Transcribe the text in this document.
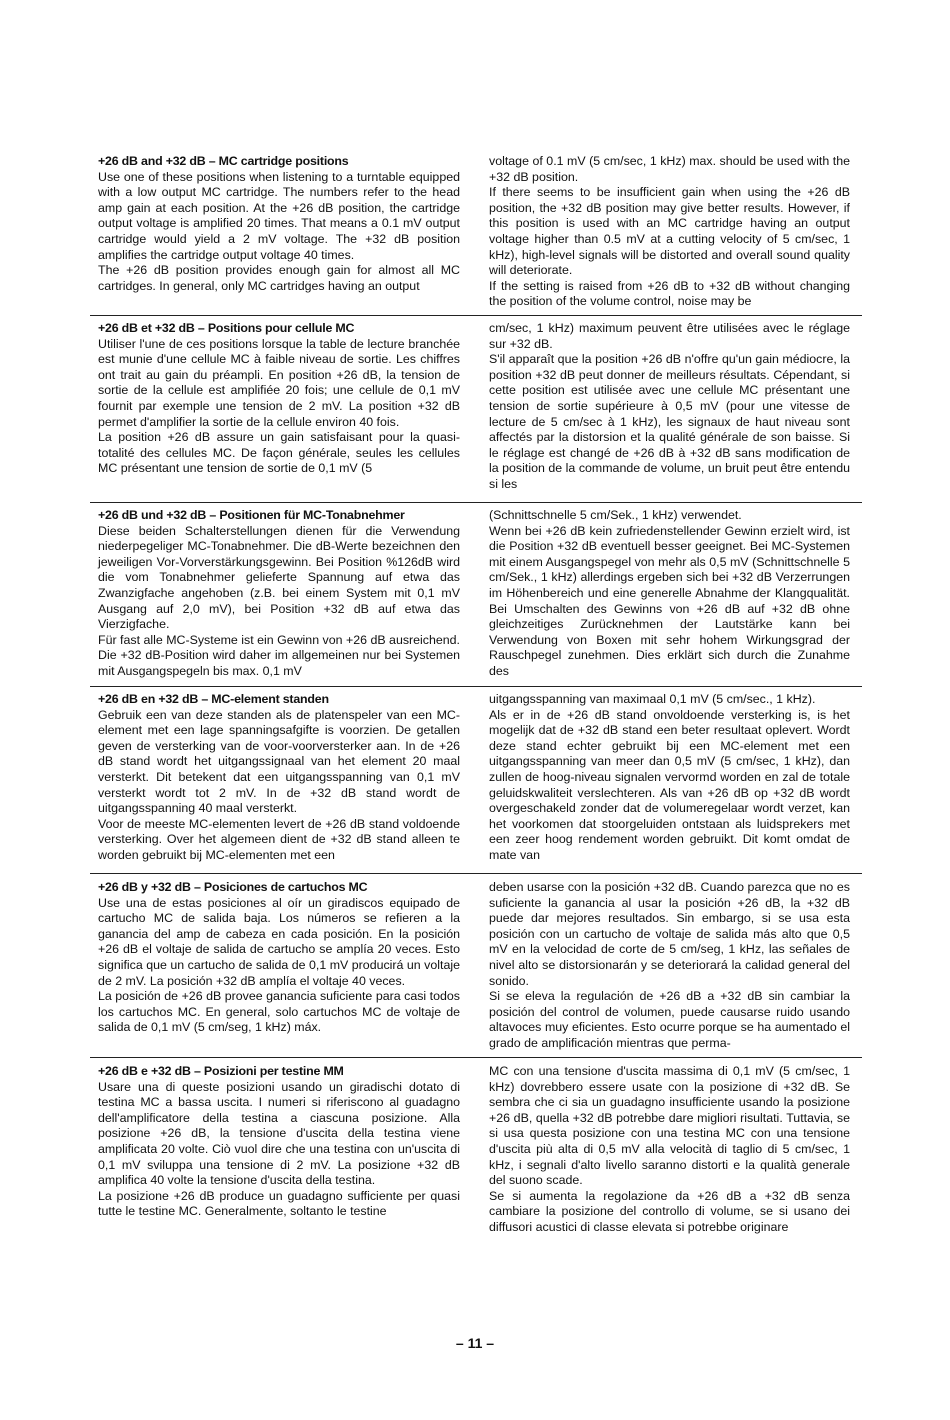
+26 dB and +32 dB – MC cartridge positions

Use one of these positions when listening to a turntable equipped with a low output MC cartridge. The numbers refer to the head amp gain at each position. At the +26 dB position, the cartridge output voltage is amplified 20 times. That means a 0.1 mV output cartridge would yield a 2 mV voltage. The +32 dB position amplifies the cartridge output voltage 40 times.

The +26 dB position provides enough gain for almost all MC cartridges. In general, only MC cartridges having an output

voltage of 0.1 mV (5 cm/sec, 1 kHz) max. should be used with the +32 dB position.

If there seems to be insufficient gain when using the +26 dB position, the +32 dB position may give better results. However, if this position is used with an MC cartridge having an output voltage higher than 0.5 mV at a cutting velocity of 5 cm/sec, 1 kHz), high-level signals will be distorted and overall sound quality will deteriorate.

If the setting is raised from +26 dB to +32 dB without changing the position of the volume control, noise may be

+26 dB et +32 dB – Positions pour cellule MC

Utiliser l'une de ces positions lorsque la table de lecture branchée est munie d'une cellule MC à faible niveau de sortie. Les chiffres ont trait au gain du préampli. En position +26 dB, la tension de sortie de la cellule est amplifiée 20 fois; une cellule de 0,1 mV fournit par exemple une tension de 2 mV. La position +32 dB permet d'amplifier la sortie de la cellule environ 40 fois.

La position +26 dB assure un gain satisfaisant pour la quasi-totalité des cellules MC. De façon générale, seules les cellules MC présentant une tension de sortie de 0,1 mV (5

cm/sec, 1 kHz) maximum peuvent être utilisées avec le réglage sur +32 dB.

S'il apparaît que la position +26 dB n'offre qu'un gain médiocre, la position +32 dB peut donner de meilleurs résultats. Cépendant, si cette position est utilisée avec une cellule MC présentant une tension de sortie supérieure à 0,5 mV (pour une vitesse de lecture de 5 cm/sec à 1 kHz), les signaux de haut niveau sont affectés par la distorsion et la qualité générale de son baisse. Si le réglage est changé de +26 dB à +32 dB sans modification de la position de la commande de volume, un bruit peut être entendu si les

+26 dB und +32 dB – Positionen für MC-Tonabnehmer

Diese beiden Schalterstellungen dienen für die Verwendung niederpegeliger MC-Tonabnehmer. Die dB-Werte bezeichnen den jeweiligen Vor-Vorverstärkungsgewinn. Bei Position %126dB wird die vom Tonabnehmer gelieferte Spannung auf etwa das Zwanzigfache angehoben (z.B. bei einem System mit 0,1 mV Ausgang auf 2,0 mV), bei Position +32 dB auf etwa das Vierzigfache.

Für fast alle MC-Systeme ist ein Gewinn von +26 dB ausreichend. Die +32 dB-Position wird daher im allgemeinen nur bei Systemen mit Ausgangspegeln bis max. 0,1 mV

(Schnittschnelle 5 cm/Sek., 1 kHz) verwendet.

Wenn bei +26 dB kein zufriedenstellender Gewinn erzielt wird, ist die Position +32 dB eventuell besser geeignet. Bei MC-Systemen mit einem Ausgangspegel von mehr als 0,5 mV (Schnittschnelle 5 cm/Sek., 1 kHz) allerdings ergeben sich bei +32 dB Verzerrungen im Höhenbereich und eine generelle Abnahme der Klangqualität. Bei Umschalten des Gewinns von +26 dB auf +32 dB ohne gleichzeitiges Zurücknehmen der Lautstärke kann bei Verwendung von Boxen mit sehr hohem Wirkungsgrad der Rauschpegel zunehmen. Dies erklärt sich durch die Zunahme des

+26 dB en +32 dB – MC-element standen

Gebruik een van deze standen als de platenspeler van een MC-element met een lage spanningsafgifte is voorzien. De getallen geven de versterking van de voor-voorversterker aan. In de +26 dB stand wordt het uitgangssignaal van het element 20 maal versterkt. Dit betekent dat een uitgangsspanning van 0,1 mV versterkt wordt tot 2 mV. In de +32 dB stand wordt de uitgangsspanning 40 maal versterkt.

Voor de meeste MC-elementen levert de +26 dB stand voldoende versterking. Over het algemeen dient de +32 dB stand alleen te worden gebruikt bij MC-elementen met een

uitgangsspanning van maximaal 0,1 mV (5 cm/sec., 1 kHz).

Als er in de +26 dB stand onvoldoende versterking is, is het mogelijk dat de +32 dB stand een beter resultaat oplevert. Wordt deze stand echter gebruikt bij een MC-element met een uitgangsspanning van meer dan 0,5 mV (5 cm/sec, 1 kHz), dan zullen de hoog-niveau signalen vervormd worden en zal de totale geluidskwaliteit verslechteren. Als van +26 dB op +32 dB wordt overgeschakeld zonder dat de volumeregelaar wordt verzet, kan het voorkomen dat stoorgeluiden ontstaan als luidsprekers met een zeer hoog rendement worden gebruikt. Dit komt omdat de mate van

+26 dB y +32 dB – Posiciones de cartuchos MC

Use una de estas posiciones al oír un giradiscos equipado de cartucho MC de salida baja. Los números se refieren a la ganancia del amp de cabeza en cada posición. En la posición +26 dB el voltaje de salida de cartucho se amplía 20 veces. Esto significa que un cartucho de salida de 0,1 mV producirá un voltaje de 2 mV. La posición +32 dB amplía el voltaje 40 veces.

La posición de +26 dB provee ganancia suficiente para casi todos los cartuchos MC. En general, solo cartuchos MC de voltaje de salida de 0,1 mV (5 cm/seg, 1 kHz) máx.

deben usarse con la posición +32 dB. Cuando parezca que no es suficiente la ganancia al usar la posición +26 dB, la +32 dB puede dar mejores resultados. Sin embargo, si se usa esta posición con un cartucho de voltaje de salida más alto que 0,5 mV en la velocidad de corte de 5 cm/seg, 1 kHz, las señales de nivel alto se distorsionarán y se deteriorará la calidad general del sonido.

Si se eleva la regulación de +26 dB a +32 dB sin cambiar la posición del control de volumen, puede causarse ruido usando altavoces muy eficientes. Esto ocurre porque se ha aumentado el grado de amplificación mientras que perma-

+26 dB e +32 dB – Posizioni per testine MM

Usare una di queste posizioni usando un giradischi dotato di testina MC a bassa uscita. I numeri si riferiscono al guadagno dell'amplificatore della testina a ciascuna posizione. Alla posizione +26 dB, la tensione d'uscita della testina viene amplificata 20 volte. Ciò vuol dire che una testina con un'uscita di 0,1 mV sviluppa una tensione di 2 mV. La posizione +32 dB amplifica 40 volte la tensione d'uscita della testina.

La posizione +26 dB produce un guadagno sufficiente per quasi tutte le testine MC. Generalmente, soltanto le testine

MC con una tensione d'uscita massima di 0,1 mV (5 cm/sec, 1 kHz) dovrebbero essere usate con la posizione di +32 dB. Se sembra che ci sia un guadagno insufficiente usando la posizione +26 dB, quella +32 dB potrebbe dare migliori risultati. Tuttavia, se si usa questa posizione con una testina MC con una tensione d'uscita più alta di 0,5 mV alla velocità di taglio di 5 cm/sec, 1 kHz, i segnali d'alto livello saranno distorti e la qualità generale del suono scade.

Se si aumenta la regolazione da +26 dB a +32 dB senza cambiare la posizione del controllo di volume, se si usano dei diffusori acustici di classe elevata si potrebbe originare

– 11 –
